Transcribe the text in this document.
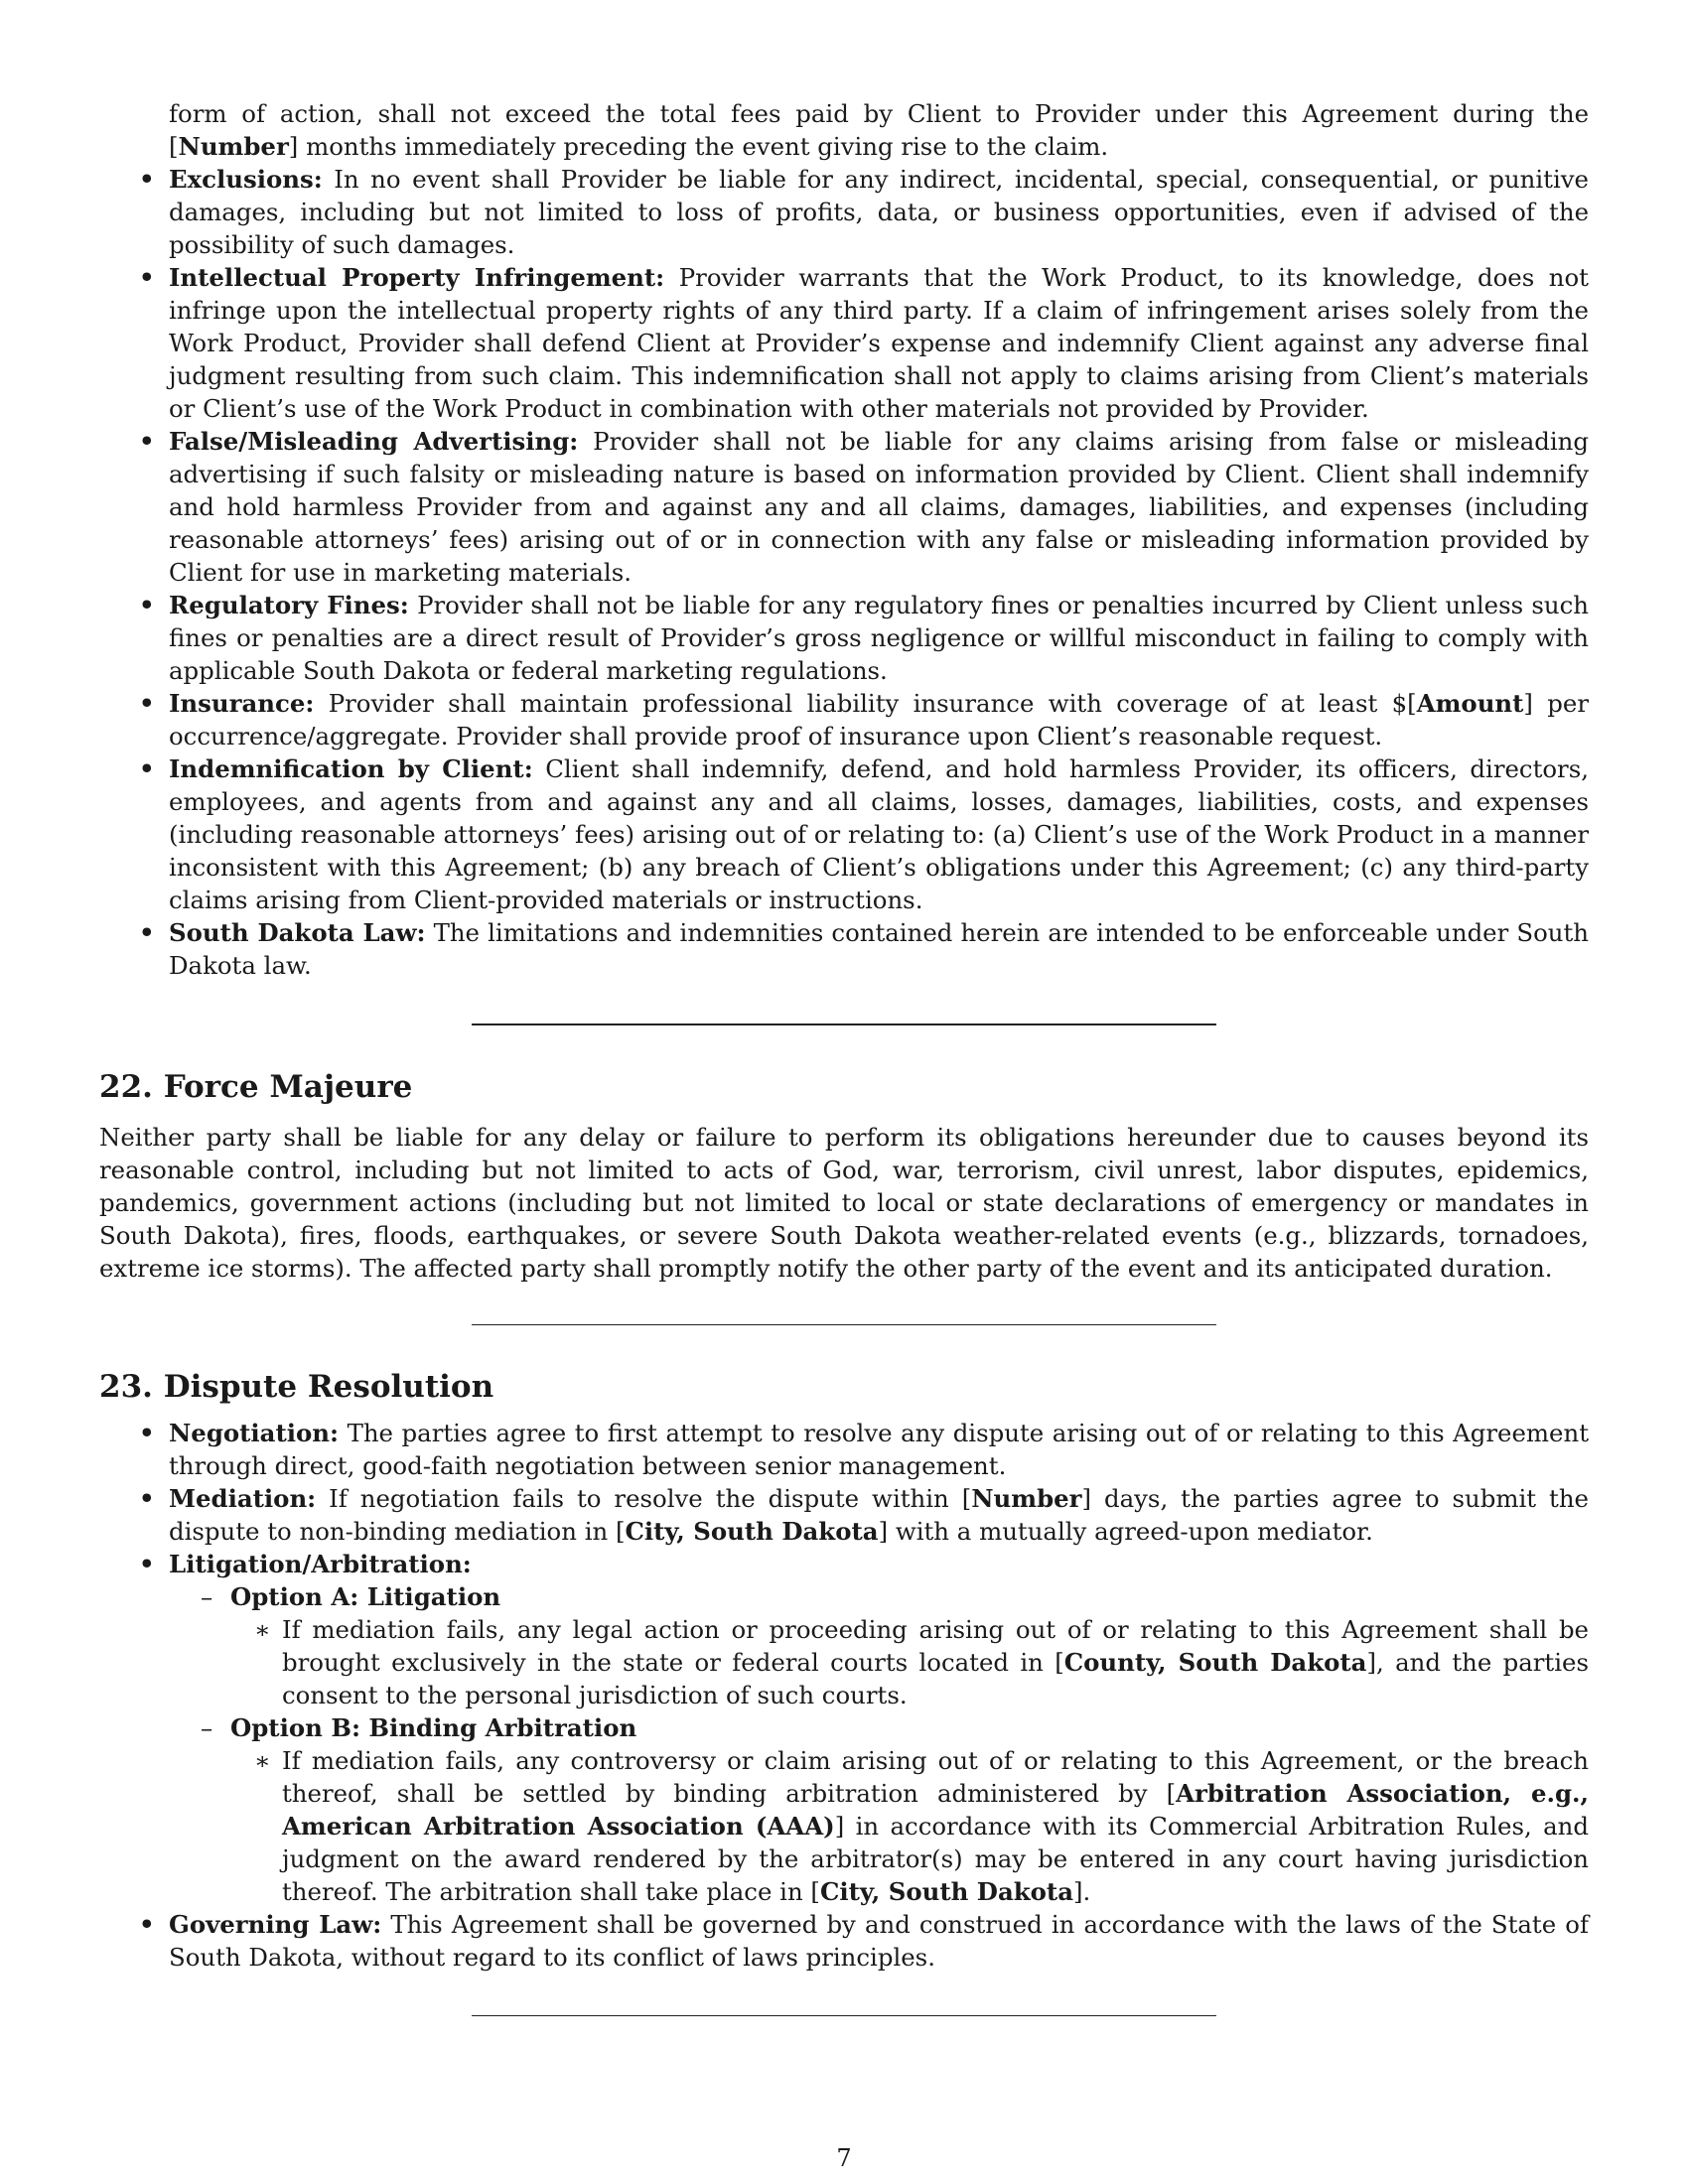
form of action, shall not exceed the total fees paid by Client to Provider under this Agreement during the [Number] months immediately preceding the event giving rise to the claim.
• Exclusions: In no event shall Provider be liable for any indirect, incidental, special, consequential, or punitive damages, including but not limited to loss of profits, data, or business opportunities, even if advised of the possibility of such damages.
• Intellectual Property Infringement: Provider warrants that the Work Product, to its knowledge, does not infringe upon the intellectual property rights of any third party. If a claim of infringement arises solely from the Work Product, Provider shall defend Client at Provider’s expense and indemnify Client against any adverse final judgment resulting from such claim. This indemnification shall not apply to claims arising from Client’s materials or Client’s use of the Work Product in combination with other materials not provided by Provider.
• False/Misleading Advertising: Provider shall not be liable for any claims arising from false or misleading advertising if such falsity or misleading nature is based on information provided by Client. Client shall indemnify and hold harmless Provider from and against any and all claims, damages, liabilities, and expenses (including reasonable attorneys’ fees) arising out of or in connection with any false or misleading information provided by Client for use in marketing materials.
• Regulatory Fines: Provider shall not be liable for any regulatory fines or penalties incurred by Client unless such fines or penalties are a direct result of Provider’s gross negligence or willful misconduct in failing to comply with applicable South Dakota or federal marketing regulations.
• Insurance: Provider shall maintain professional liability insurance with coverage of at least $[Amount] per occurrence/aggregate. Provider shall provide proof of insurance upon Client’s reasonable request.
• Indemnification by Client: Client shall indemnify, defend, and hold harmless Provider, its officers, directors, employees, and agents from and against any and all claims, losses, damages, liabilities, costs, and expenses (including reasonable attorneys’ fees) arising out of or relating to: (a) Client’s use of the Work Product in a manner inconsistent with this Agreement; (b) any breach of Client’s obligations under this Agreement; (c) any third-party claims arising from Client-provided materials or instructions.
• South Dakota Law: The limitations and indemnities contained herein are intended to be enforceable under South Dakota law.
22. Force Majeure
Neither party shall be liable for any delay or failure to perform its obligations hereunder due to causes beyond its reasonable control, including but not limited to acts of God, war, terrorism, civil unrest, labor disputes, epidemics, pandemics, government actions (including but not limited to local or state declarations of emergency or mandates in South Dakota), fires, floods, earthquakes, or severe South Dakota weather-related events (e.g., blizzards, tornadoes, extreme ice storms). The affected party shall promptly notify the other party of the event and its anticipated duration.
23. Dispute Resolution
• Negotiation: The parties agree to first attempt to resolve any dispute arising out of or relating to this Agreement through direct, good-faith negotiation between senior management.
• Mediation: If negotiation fails to resolve the dispute within [Number] days, the parties agree to submit the dispute to non-binding mediation in [City, South Dakota] with a mutually agreed-upon mediator.
• Litigation/Arbitration:
– Option A: Litigation
∗ If mediation fails, any legal action or proceeding arising out of or relating to this Agreement shall be brought exclusively in the state or federal courts located in [County, South Dakota], and the parties consent to the personal jurisdiction of such courts.
– Option B: Binding Arbitration
∗ If mediation fails, any controversy or claim arising out of or relating to this Agreement, or the breach thereof, shall be settled by binding arbitration administered by [Arbitration Association, e.g., American Arbitration Association (AAA)] in accordance with its Commercial Arbitration Rules, and judgment on the award rendered by the arbitrator(s) may be entered in any court having jurisdiction thereof. The arbitration shall take place in [City, South Dakota].
• Governing Law: This Agreement shall be governed by and construed in accordance with the laws of the State of South Dakota, without regard to its conflict of laws principles.
7
